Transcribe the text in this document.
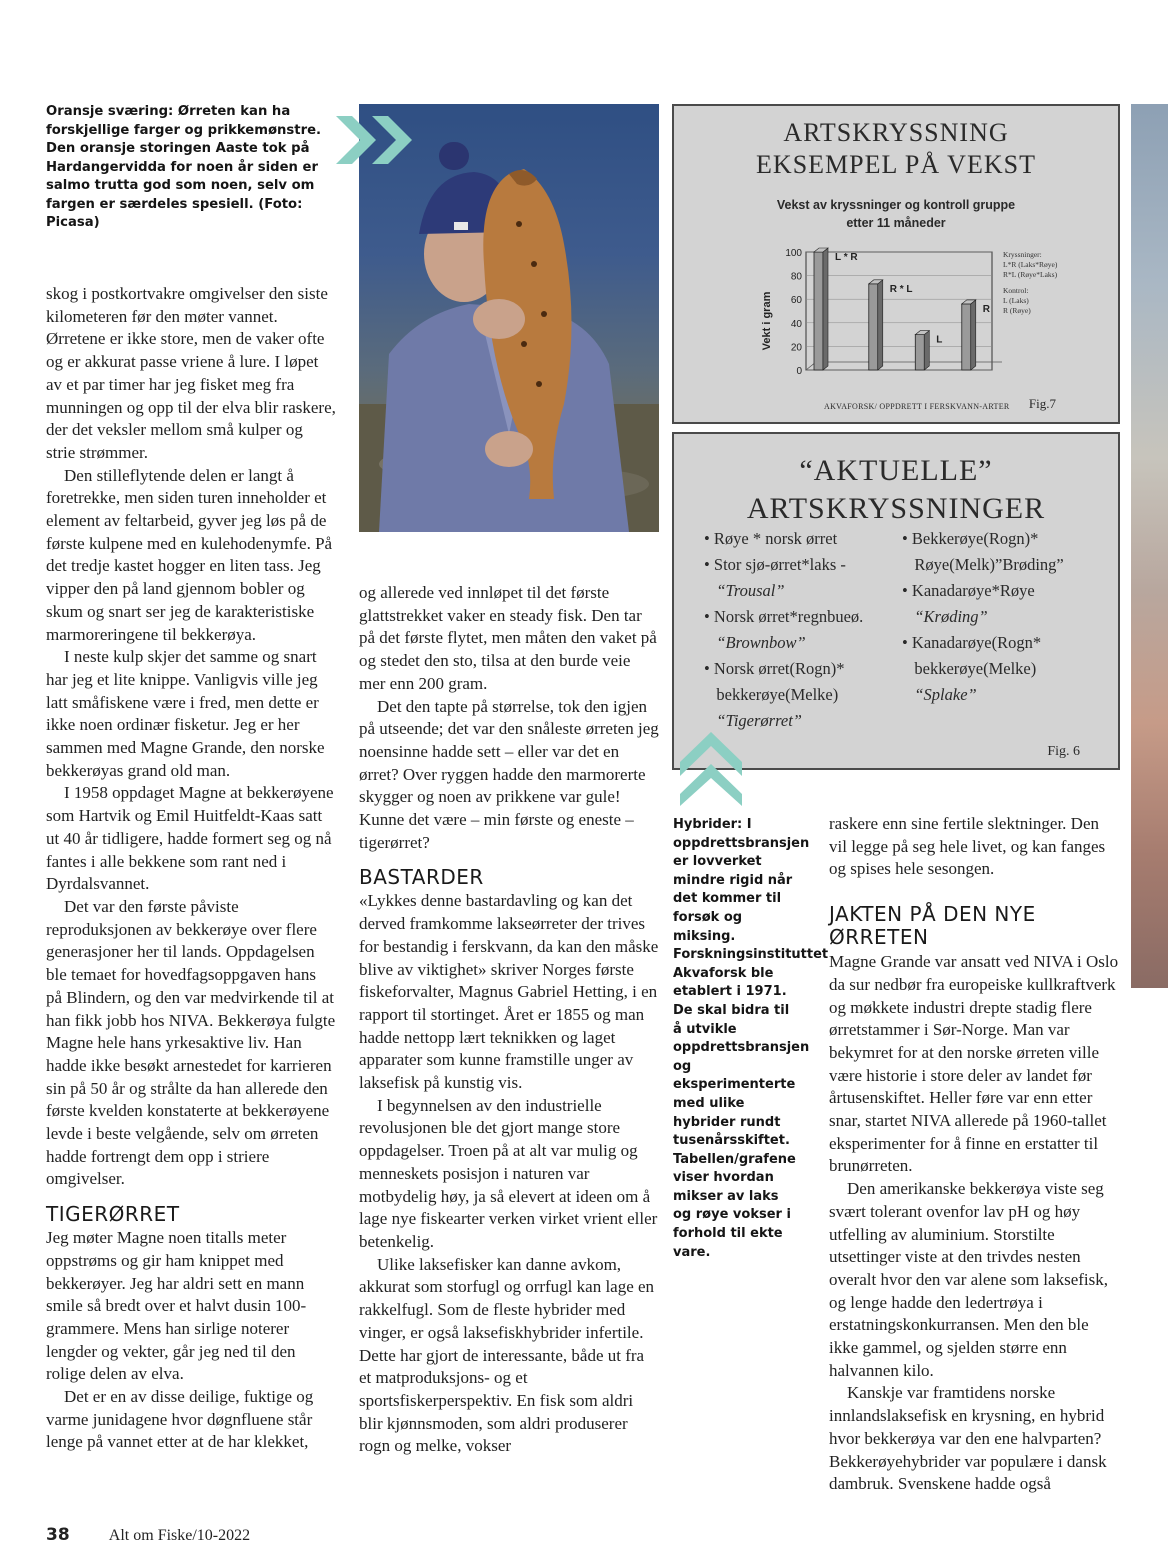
Oransje sværing: Ørreten kan ha forskjellige farger og prikkemønstre. Den oransje storingen Aaste tok på Hardangervidda for noen år siden er salmo trutta god som noen, selv om fargen er særdeles spesiell. (Foto: Picasa)

skog i postkortvakre omgivelser den siste kilometeren før den møter vannet. Ørretene er ikke store, men de vaker ofte og er akkurat passe vriene å lure. I løpet av et par timer har jeg fisket meg fra munningen og opp til der elva blir raskere, der det veksler mellom små kulper og strie strømmer.

Den stilleflytende delen er langt å foretrekke, men siden turen inneholder et element av feltarbeid, gyver jeg løs på de første kulpene med en kulehodenymfe. På det tredje kastet hogger en liten tass. Jeg vipper den på land gjennom bobler og skum og snart ser jeg de karakteristiske marmoreringene til bekkerøya.

I neste kulp skjer det samme og snart har jeg et lite knippe. Vanligvis ville jeg latt småfiskene være i fred, men dette er ikke noen ordinær fisketur. Jeg er her sammen med Magne Grande, den norske bekkerøyas grand old man.

I 1958 oppdaget Magne at bekkerøyene som Hartvik og Emil Huitfeldt-Kaas satt ut 40 år tidligere, hadde formert seg og nå fantes i alle bekkene som rant ned i Dyrdalsvannet.

Det var den første påviste reproduksjonen av bekkerøye over flere generasjoner her til lands. Oppdagelsen ble temaet for hovedfagsoppgaven hans på Blindern, og den var medvirkende til at han fikk jobb hos NIVA. Bekkerøya fulgte Magne hele hans yrkesaktive liv. Han hadde ikke besøkt arnestedet for karrieren sin på 50 år og strålte da han allerede den første kvelden konstaterte at bekkerøyene levde i beste velgående, selv om ørreten hadde fortrengt dem opp i striere omgivelser.

TIGERØRRET

Jeg møter Magne noen titalls meter oppstrøms og gir ham knippet med bekkerøyer. Jeg har aldri sett en mann smile så bredt over et halvt dusin 100-grammere. Mens han sirlige noterer lengder og vekter, går jeg ned til den rolige delen av elva.

Det er en av disse deilige, fuktige og varme junidagene hvor døgnfluene står lenge på vannet etter at de har klekket,

og allerede ved innløpet til det første glattstrekket vaker en steady fisk. Den tar på det første flytet, men måten den vaket på og stedet den sto, tilsa at den burde veie mer enn 200 gram.

Det den tapte på størrelse, tok den igjen på utseende; det var den snåleste ørreten jeg noensinne hadde sett – eller var det en ørret? Over ryggen hadde den marmorerte skygger og noen av prikkene var gule! Kunne det være – min første og eneste – tigerørret?

BASTARDER

«Lykkes denne bastardavling og kan det derved framkomme lakseørreter der trives for bestandig i ferskvann, da kan den måske blive av viktighet» skriver Norges første fiskeforvalter, Magnus Gabriel Hetting, i en rapport til stortinget. Året er 1855 og man hadde nettopp lært teknikken og laget apparater som kunne framstille unger av laksefisk på kunstig vis.

I begynnelsen av den industrielle revolusjonen ble det gjort mange store oppdagelser. Troen på at alt var mulig og menneskets posisjon i naturen var motbydelig høy, ja så elevert at ideen om å lage nye fiskearter verken virket vrient eller betenkelig.

Ulike laksefisker kan danne avkom, akkurat som storfugl og orrfugl kan lage en rakkelfugl. Som de fleste hybrider med vinger, er også laksefiskhybrider infertile. Dette har gjort de interessante, både ut fra et matproduksjons- og et sportsfiskerperspektiv. En fisk som aldri blir kjønnsmoden, som aldri produserer rogn og melke, vokser

ARTSKRYSSNING
EKSEMPEL PÅ VEKST
Vekst av kryssninger og kontroll gruppe
etter 11 måneder
Vekt i gram
100
80
60
40
20
0
L * R
R * L
L
R
Kryssninger:
L*R (Laks*Røye)
R*L (Røye*Laks)
Kontrol:
L (Laks)
R (Røye)
AKVAFORSK/ OPPDRETT I FERSKVANN-ARTER Fig.7
“AKTUELLE”
ARTSKRYSSNINGER
• Røye * norsk ørret
• Stor sjø-ørret*laks -
“Trousal”
• Norsk ørret*regnbueø.
“Brownbow”
• Norsk ørret(Rogn)*
bekkerøye(Melke)
“Tigerørret”
• Bekkerøye(Rogn)*
Røye(Melk)”Brøding”
• Kanadarøye*Røye
“Krøding”
• Kanadarøye(Rogn*
bekkerøye(Melke)
“Splake”
Fig. 6
Hybrider: I oppdrettsbransjen er lovverket mindre rigid når det kommer til forsøk og miksing. Forskningsinstituttet Akvaforsk ble etablert i 1971. De skal bidra til å utvikle oppdrettsbransjen og eksperimenterte med ulike hybrider rundt tusenårsskiftet. Tabellen/grafene viser hvordan mikser av laks og røye vokser i forhold til ekte vare.

raskere enn sine fertile slektninger. Den vil legge på seg hele livet, og kan fanges og spises hele sesongen.

JAKTEN PÅ DEN NYE
ØRRETEN

Magne Grande var ansatt ved NIVA i Oslo da sur nedbør fra europeiske kullkraftverk og møkkete industri drepte stadig flere ørretstammer i Sør-Norge. Man var bekymret for at den norske ørreten ville være historie i store deler av landet før årtusenskiftet. Heller føre var enn etter snar, startet NIVA allerede på 1960-tallet eksperimenter for å finne en erstatter til brunørreten.

Den amerikanske bekkerøya viste seg svært tolerant ovenfor lav pH og høy utfelling av aluminium. Storstilte utsettinger viste at den trivdes nesten overalt hvor den var alene som laksefisk, og lenge hadde den ledertrøya i erstatningskonkurransen. Men den ble ikke gammel, og sjelden større enn halvannen kilo.

Kanskje var framtidens norske innlandslaksefisk en krysning, en hybrid hvor bekkerøya var den ene halvparten? Bekkerøyehybrider var populære i dansk dambruk. Svenskene hadde også

38 Alt om Fiske/10-2022
